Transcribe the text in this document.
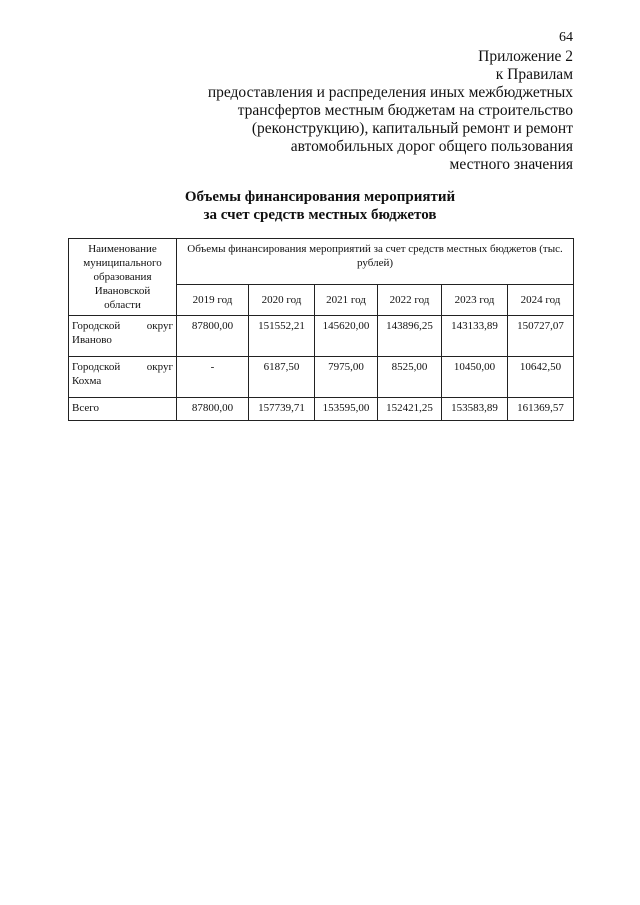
64
Приложение 2
к Правилам
предоставления и распределения иных межбюджетных
трансфертов местным бюджетам на строительство
(реконструкцию), капитальный ремонт и ремонт
автомобильных дорог общего пользования
местного значения
Объемы финансирования мероприятий
за счет средств местных бюджетов
Наименование
муниципального
образования
Ивановской
области	Объемы финансирования мероприятий за счет средств местных бюджетов (тыс. рублей)					
	2019 год	2020 год	2021 год	2022 год	2023 год	2024 год
Городской округ Иваново	87800,00	151552,21	145620,00	143896,25	143133,89	150727,07
Городской округ Кохма	-	6187,50	7975,00	8525,00	10450,00	10642,50
Всего	87800,00	157739,71	153595,00	152421,25	153583,89	161369,57
